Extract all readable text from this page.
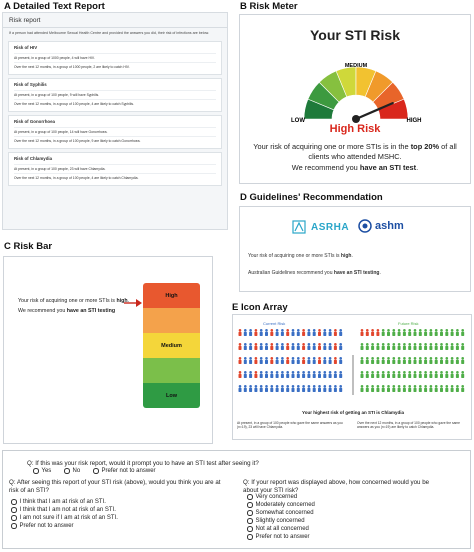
A Detailed Text Report	B Risk Meter
D Guidelines' Recommendation
C Risk Bar
E Icon Array
Risk report
If a person had attended Melbourne Sexual Health Centre and provided the answers you did, their risk of infections are below.
Risk of HIV
At present, in a group of 1000 people, 4 will have HIV.
Over the next 12 months, in a group of 1000 people, 2 are likely to catch HIV.
Risk of Syphilis
At present, in a group of 100 people, 9 will have Syphilis.
Over the next 12 months, in a group of 100 people, 4 are likely to catch Syphilis.
Risk of Gonorrhoea
At present, in a group of 100 people, 14 will have Gonorrhoea.
Over the next 12 months, in a group of 100 people, 9 are likely to catch Gonorrhoea.
Risk of Chlamydia
At present, in a group of 100 people, 23 will have Chlamydia.
Over the next 12 months, in a group of 100 people, 4 are likely to catch Chlamydia.
Your STI Risk
LOW
MEDIUM
HIGH
High Risk
Your risk of acquiring one or more STIs is in the top 20% of all clients who attended MSHC.
We recommend you have an STI test.
ASRHA ashm
Your risk of acquiring one or more STIs is high.
Australian Guidelines recommend you have an STI testing.
Your risk of acquiring one or more STIs is high.
We recommend you have an STI testing
High
Medium
Low
Current Risk	Future Risk
Your highest risk of getting an STI is Chlamydia
At present, in a group of 100 people who gave the same answers as you (n=19), 23 will have Chlamydia.
Over the next 12 months, in a group of 100 people who gave the same answers as you (n=19) are likely to catch Chlamydia.
Q: If this was your risk report, would it prompt you to have an STI test after seeing it?
Yes	No	Prefer not to answer
Q: After seeing this report of your STI risk (above), would you think you are at risk of an STI?
I think that I am at risk of an STI.
I think that I am not at risk of an STI.
I am not sure if I am at risk of an STI.
Prefer not to answer
Q: If your report was displayed above, how concerned would you be about your STI risk?
Very concerned
Moderately concerned
Somewhat concerned
Slightly concerned
Not at all concerned
Prefer not to answer
